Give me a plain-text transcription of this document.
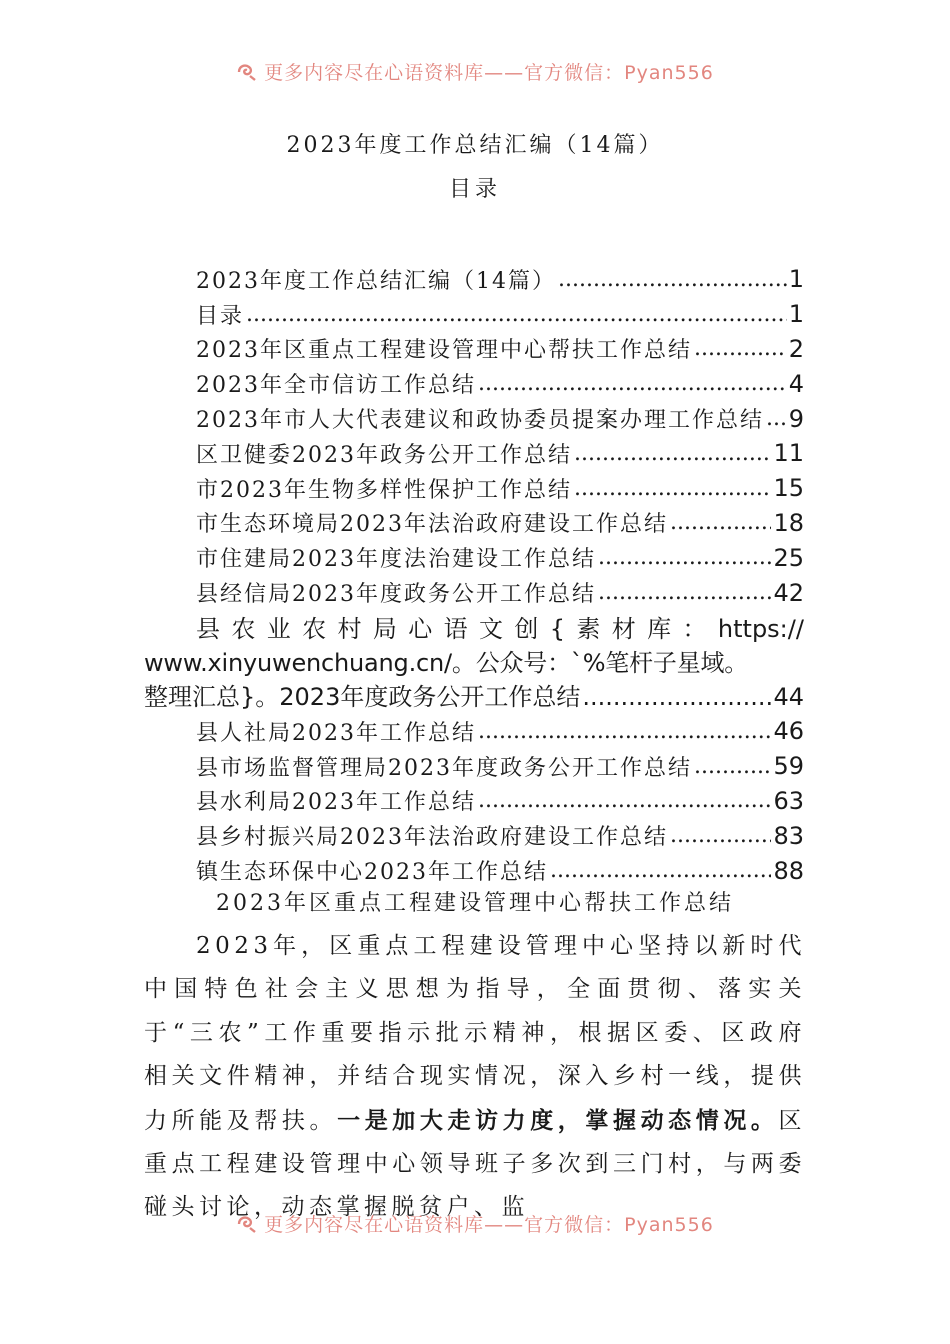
更多内容尽在心语资料库——官方微信：Pyan556
2023年度工作总结汇编（14篇）
目录
2023年度工作总结汇编（14篇） .....	1
目录 .....	1
2023年区重点工程建设管理中心帮扶工作总结 .....	2
2023年全市信访工作总结 .....	4
2023年市人大代表建议和政协委员提案办理工作总结 ..... 9
区卫健委2023年政务公开工作总结 .....	11
市2023年生物多样性保护工作总结 .....	15
市生态环境局2023年法治政府建设工作总结 .....	18
市住建局2023年度法治建设工作总结 .....	25
县经信局2023年度政务公开工作总结 .....	42
县 农 业 农 村 局 心 语 文 创 { 素 材 库 ： https://
www.xinyuwenchuang.cn/。公众号：`%笔杆子星域。
整理汇总}。2023年度政务公开工作总结 .....	44
县人社局2023年工作总结 .....	46
县市场监督管理局2023年度政务公开工作总结 .....	59
县水利局2023年工作总结 .....	63
县乡村振兴局2023年法治政府建设工作总结 .....	83
镇生态环保中心2023年工作总结 .....	88
2023年区重点工程建设管理中心帮扶工作总结

2023年，区重点工程建设管理中心坚持以新时代中国特色社会主义思想为指导，全面贯彻、落实关于“三农”工作重要指示批示精神，根据区委、区政府相关文件精神，并结合现实情况，深入乡村一线，提供力所能及帮扶。一是加大走访力度，掌握动态情况。区重点工程建设管理中心领导班子多次到三门村，与两委碰头讨论，动态掌握脱贫户、监

更多内容尽在心语资料库——官方微信：Pyan556
